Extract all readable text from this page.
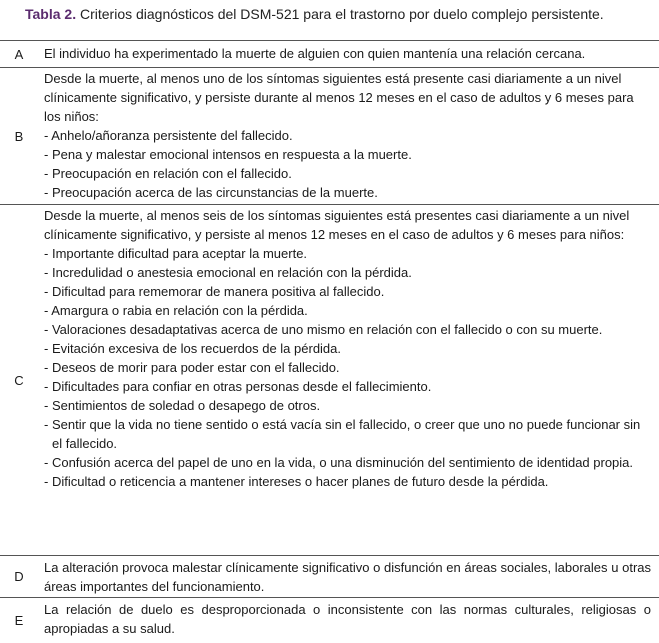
Tabla 2. Criterios diagnósticos del DSM-521 para el trastorno por duelo complejo persistente.
A	El individuo ha experimentado la muerte de alguien con quien mantenía una relación cercana.

B

Desde la muerte, al menos uno de los síntomas siguientes está presente casi diariamente a un nivel clínicamente significativo, y persiste durante al menos 12 meses en el caso de adultos y 6 meses para los niños:

- Anhelo/añoranza persistente del fallecido.
- Pena y malestar emocional intensos en respuesta a la muerte.
- Preocupación en relación con el fallecido.
- Preocupación acerca de las circunstancias de la muerte.
C

Desde la muerte, al menos seis de los síntomas siguientes está presentes casi diariamente a un nivel clínicamente significativo, y persiste al menos 12 meses en el caso de adultos y 6 meses para niños:

- Importante dificultad para aceptar la muerte.
- Incredulidad o anestesia emocional en relación con la pérdida.
- Dificultad para rememorar de manera positiva al fallecido.
- Amargura o rabia en relación con la pérdida.
- Valoraciones desadaptativas acerca de uno mismo en relación con el fallecido o con su muerte.
- Evitación excesiva de los recuerdos de la pérdida.
- Deseos de morir para poder estar con el fallecido.
- Dificultades para confiar en otras personas desde el fallecimiento.
- Sentimientos de soledad o desapego de otros.
- Sentir que la vida no tiene sentido o está vacía sin el fallecido, o creer que uno no puede funcionar sin el fallecido.
- Confusión acerca del papel de uno en la vida, o una disminución del sentimiento de identidad propia.
- Dificultad o reticencia a mantener intereses o hacer planes de futuro desde la pérdida.
D

La alteración provoca malestar clínicamente significativo o disfunción en áreas sociales, laborales u otras áreas importantes del funcionamiento.

E

La relación de duelo es desproporcionada o inconsistente con las normas culturales, religiosas o apropiadas a su salud.
